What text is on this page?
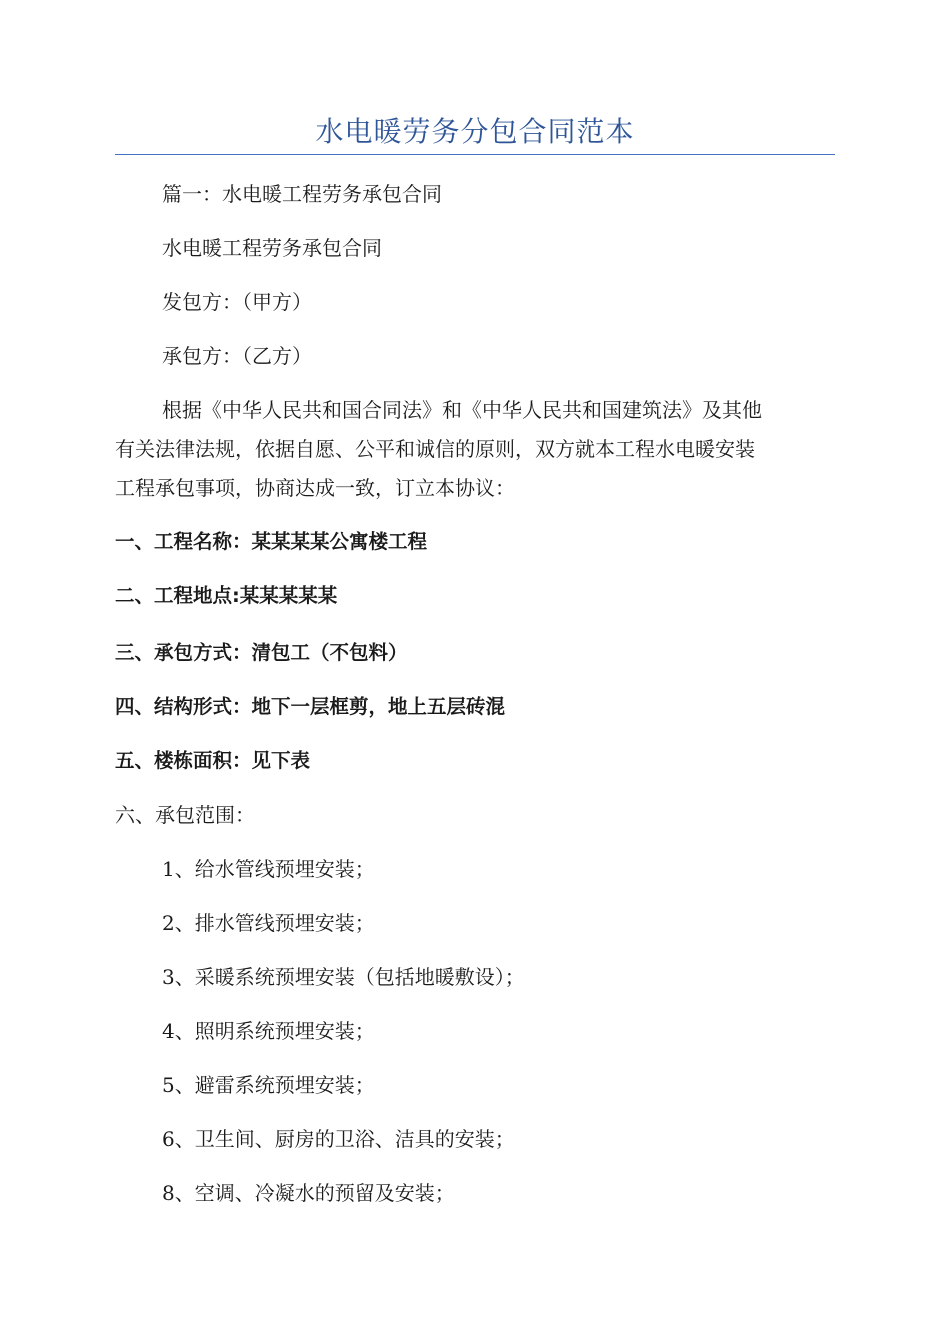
水电暖劳务分包合同范本
篇一：水电暖工程劳务承包合同
水电暖工程劳务承包合同
发包方：（甲方）
承包方：（乙方）
根据《中华人民共和国合同法》和《中华人民共和国建筑法》及其他
有关法律法规，依据自愿、公平和诚信的原则，双方就本工程水电暖安装
工程承包事项，协商达成一致，订立本协议：
一、工程名称：某某某某公寓楼工程
二、工程地点:某某某某某
三、承包方式：清包工（不包料）
四、结构形式：地下一层框剪，地上五层砖混
五、楼栋面积：见下表
六、承包范围：
1、给水管线预埋安装；
2、排水管线预埋安装；
3、采暖系统预埋安装（包括地暖敷设）；
4、照明系统预埋安装；
5、避雷系统预埋安装；
6、卫生间、厨房的卫浴、洁具的安装；
8、空调、冷凝水的预留及安装；
